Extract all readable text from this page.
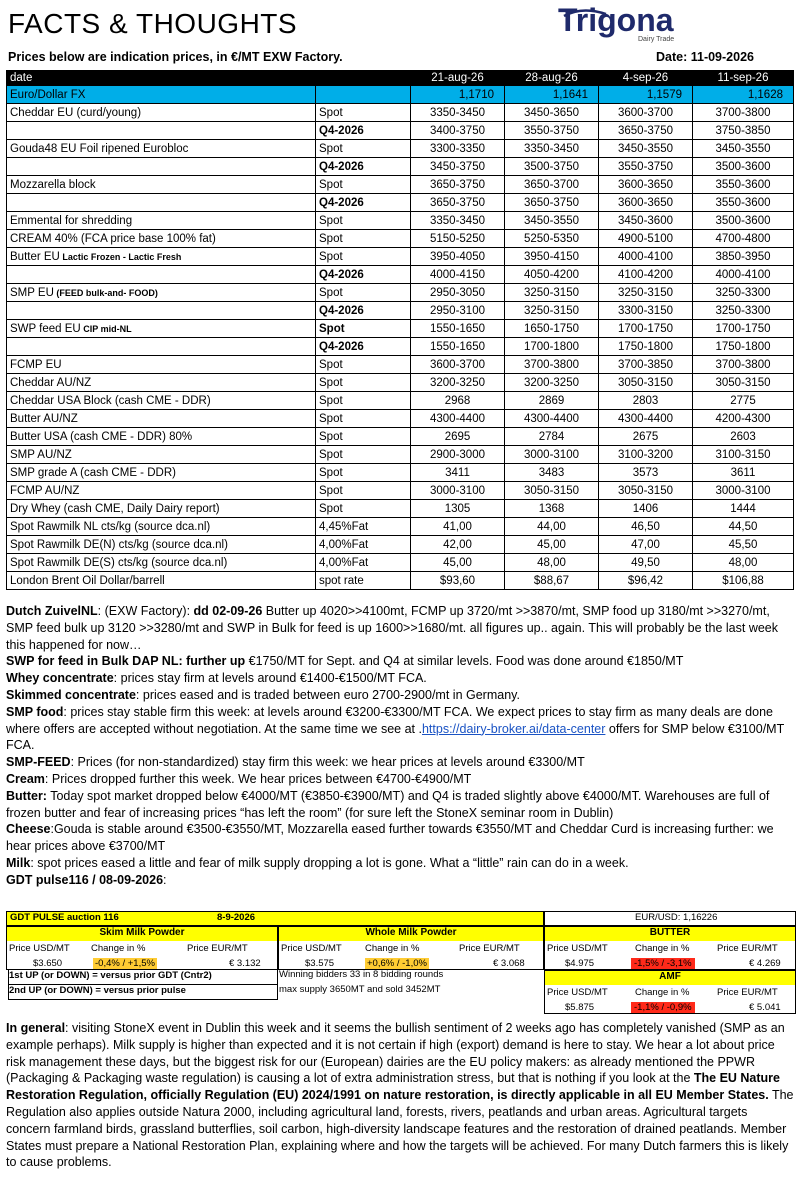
FACTS & THOUGHTS	Trigona
Dairy Trade
Prices below are indication prices, in €/MT EXW Factory.	Date: 11-09-2026
date		21-aug-26	28-aug-26	4-sep-26	11-sep-26
Euro/Dollar FX		1,1710	1,1641	1,1579	1,1628
Cheddar EU (curd/young)	Spot	3350-3450	3450-3650	3600-3700	3700-3800
	Q4-2026	3400-3750	3550-3750	3650-3750	3750-3850
Gouda48 EU Foil ripened Eurobloc	Spot	3300-3350	3350-3450	3450-3550	3450-3550
	Q4-2026	3450-3750	3500-3750	3550-3750	3500-3600
Mozzarella block	Spot	3650-3750	3650-3700	3600-3650	3550-3600
	Q4-2026	3650-3750	3650-3750	3600-3650	3550-3600
Emmental for shredding	Spot	3350-3450	3450-3550	3450-3600	3500-3600
CREAM 40% (FCA price base 100% fat)	Spot	5150-5250	5250-5350	4900-5100	4700-4800
Butter EU Lactic Frozen - Lactic Fresh	Spot	3950-4050	3950-4150	4000-4100	3850-3950
	Q4-2026	4000-4150	4050-4200	4100-4200	4000-4100
SMP EU (FEED bulk-and- FOOD)	Spot	2950-3050	3250-3150	3250-3150	3250-3300
	Q4-2026	2950-3100	3250-3150	3300-3150	3250-3300
SWP feed EU CIP mid-NL	Spot	1550-1650	1650-1750	1700-1750	1700-1750
	Q4-2026	1550-1650	1700-1800	1750-1800	1750-1800
FCMP EU	Spot	3600-3700	3700-3800	3700-3850	3700-3800
Cheddar AU/NZ	Spot	3200-3250	3200-3250	3050-3150	3050-3150
Cheddar USA Block (cash CME - DDR)	Spot	2968	2869	2803	2775
Butter AU/NZ	Spot	4300-4400	4300-4400	4300-4400	4200-4300
Butter USA (cash CME - DDR) 80%	Spot	2695	2784	2675	2603
SMP AU/NZ	Spot	2900-3000	3000-3100	3100-3200	3100-3150
SMP grade A (cash CME - DDR)	Spot	3411	3483	3573	3611
FCMP AU/NZ	Spot	3000-3100	3050-3150	3050-3150	3000-3100
Dry Whey (cash CME, Daily Dairy report)	Spot	1305	1368	1406	1444
Spot Rawmilk NL cts/kg (source dca.nl)	4,45%Fat	41,00	44,00	46,50	44,50
Spot Rawmilk DE(N) cts/kg (source dca.nl)	4,00%Fat	42,00	45,00	47,00	45,50
Spot Rawmilk DE(S) cts/kg (source dca.nl)	4,00%Fat	45,00	48,00	49,50	48,00
London Brent Oil Dollar/barrell	spot rate	$93,60	$88,67	$96,42	$106,88

Dutch ZuivelNL: (EXW Factory): dd 02-09-26 Butter up 4020>>4100mt, FCMP up 3720/mt >>3870/mt, SMP food up 3180/mt >>3270/mt, SMP feed bulk up 3120 >>3280/mt and SWP in Bulk for feed is up 1600>>1680/mt. all figures up.. again. This will probably be the last week this happened for now…

SWP for feed in Bulk DAP NL: further up €1750/MT for Sept. and Q4 at similar levels. Food was done around €1850/MT

Whey concentrate: prices stay firm at levels around €1400-€1500/MT FCA.

Skimmed concentrate: prices eased and is traded between euro 2700-2900/mt in Germany.

SMP food: prices stay stable firm this week: at levels around €3200-€3300/MT FCA. We expect prices to stay firm as many deals are done where offers are accepted without negotiation. At the same time we see at .https://dairy-broker.ai/data-center offers for SMP below €3100/MT FCA.

SMP-FEED: Prices (for non-standardized) stay firm this week: we hear prices at levels around €3300/MT

Cream: Prices dropped further this week. We hear prices between €4700-€4900/MT

Butter: Today spot market dropped below €4000/MT (€3850-€3900/MT) and Q4 is traded slightly above €4000/MT. Warehouses are full of frozen butter and fear of increasing prices “has left the room” (for sure left the StoneX seminar room in Dublin)

Cheese:Gouda is stable around €3500-€3550/MT, Mozzarella eased further towards €3550/MT and Cheddar Curd is increasing further: we hear prices above €3700/MT

Milk: spot prices eased a little and fear of milk supply dropping a lot is gone. What a “little” rain can do in a week.

GDT pulse116 / 08-09-2026:

GDT PULSE auction 116	8-9-2026	EUR/USD: 1,16226
Skim Milk Powder
Price USD/MT Change in %	Price EUR/MT
$3.650	-0,4% / +1,5%	€ 3.132
Whole Milk Powder
Price USD/MT Change in %	Price EUR/MT
$3.575	+0,6% / -1,0%	€ 3.068
BUTTER
Price USD/MT	Change in %	Price EUR/MT
$4.975	-1,5% / -3,1%	€ 4.269
AMF
Price USD/MT	Change in %	Price EUR/MT
$5.875	-1,1% / -0,9%	€ 5.041
1st UP (or DOWN) = versus prior GDT (Cntr2)
2nd UP (or DOWN) = versus prior pulse
Winning bidders 33 in 8 bidding rounds
max supply 3650MT and sold 3452MT
In general: visiting StoneX event in Dublin this week and it seems the bullish sentiment of 2 weeks ago has completely vanished (SMP as an example perhaps). Milk supply is higher than expected and it is not certain if high (export) demand is here to stay. We hear a lot about price risk management these days, but the biggest risk for our (European) dairies are the EU policy makers: as already mentioned the PPWR (Packaging & Packaging waste regulation) is causing a lot of extra administration stress, but that is nothing if you look at the The EU Nature Restoration Regulation, officially Regulation (EU) 2024/1991 on nature restoration, is directly applicable in all EU Member States. The Regulation also applies outside Natura 2000, including agricultural land, forests, rivers, peatlands and urban areas. Agricultural targets concern farmland birds, grassland butterflies, soil carbon, high-diversity landscape features and the restoration of drained peatlands. Member States must prepare a National Restoration Plan, explaining where and how the targets will be achieved. For many Dutch farmers this is likely to cause problems.
